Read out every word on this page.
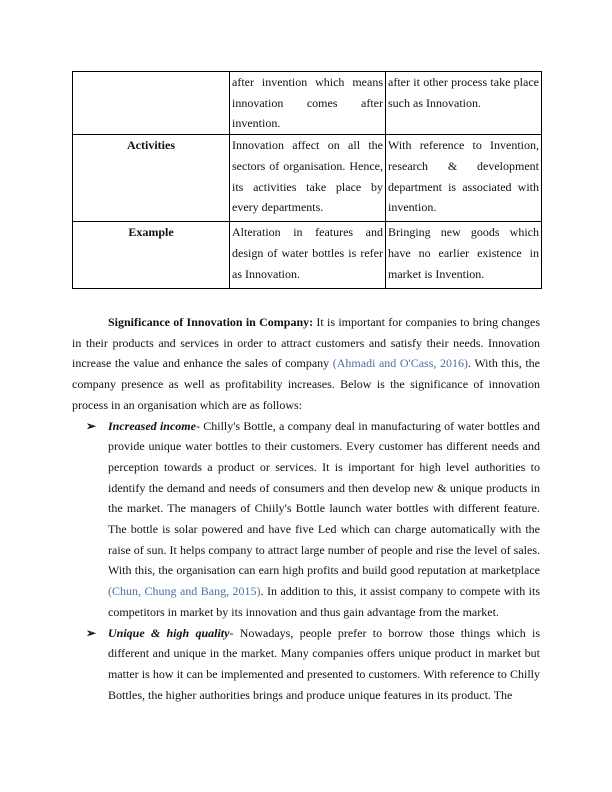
	after invention which means innovation comes after invention.	after it other process take place such as Innovation.
Activities	Innovation affect on all the sectors of organisation. Hence, its activities take place by every departments.	With reference to Invention, research & development department is associated with invention.
Example	Alteration in features and design of water bottles is refer as Innovation.	Bringing new goods which have no earlier existence in market is Invention.

Significance of Innovation in Company: It is important for companies to bring changes in their products and services in order to attract customers and satisfy their needs. Innovation increase the value and enhance the sales of company (Ahmadi and O'Cass, 2016). With this, the company presence as well as profitability increases. Below is the significance of innovation process in an organisation which are as follows:

➢ Increased income- Chilly's Bottle, a company deal in manufacturing of water bottles and provide unique water bottles to their customers. Every customer has different needs and perception towards a product or services. It is important for high level authorities to identify the demand and needs of consumers and then develop new & unique products in the market. The managers of Chiily's Bottle launch water bottles with different feature. The bottle is solar powered and have five Led which can charge automatically with the raise of sun. It helps company to attract large number of people and rise the level of sales. With this, the organisation can earn high profits and build good reputation at marketplace (Chun, Chung and Bang, 2015). In addition to this, it assist company to compete with its competitors in market by its innovation and thus gain advantage from the market.
➢ Unique & high quality- Nowadays, people prefer to borrow those things which is different and unique in the market. Many companies offers unique product in market but matter is how it can be implemented and presented to customers. With reference to Chilly Bottles, the higher authorities brings and produce unique features in its product. The
